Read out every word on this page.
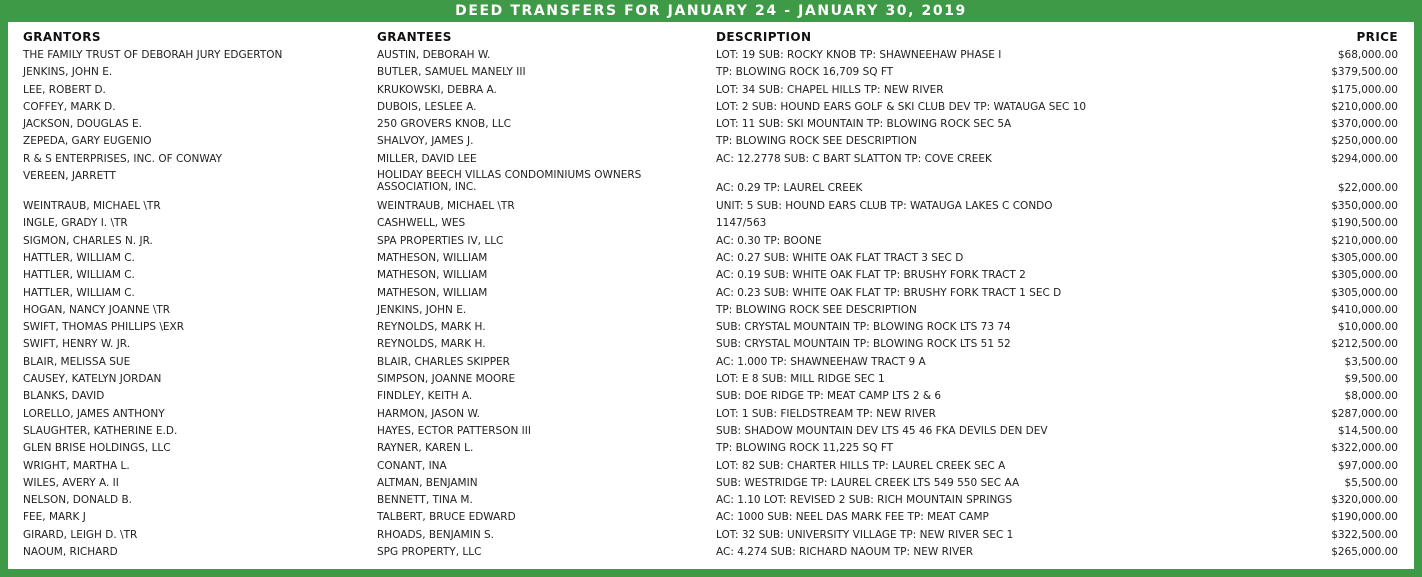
DEED TRANSFERS FOR JANUARY 24 - JANUARY 30, 2019
GRANTORS	GRANTEES	DESCRIPTION	PRICE
THE FAMILY TRUST OF DEBORAH JURY EDGERTON	AUSTIN, DEBORAH W.	LOT: 19 SUB: ROCKY KNOB TP: SHAWNEEHAW PHASE I	$68,000.00
JENKINS, JOHN E.	BUTLER, SAMUEL MANELY III	TP: BLOWING ROCK 16,709 SQ FT	$379,500.00
LEE, ROBERT D.	KRUKOWSKI, DEBRA A.	LOT: 34 SUB: CHAPEL HILLS TP: NEW RIVER	$175,000.00
COFFEY, MARK D.	DUBOIS, LESLEE A.	LOT: 2 SUB: HOUND EARS GOLF & SKI CLUB DEV TP: WATAUGA SEC 10	$210,000.00
JACKSON, DOUGLAS E.	250 GROVERS KNOB, LLC	LOT: 11 SUB: SKI MOUNTAIN TP: BLOWING ROCK SEC 5A	$370,000.00
ZEPEDA, GARY EUGENIO	SHALVOY, JAMES J.	TP: BLOWING ROCK SEE DESCRIPTION	$250,000.00
R & S ENTERPRISES, INC. OF CONWAY	MILLER, DAVID LEE	AC: 12.2778 SUB: C BART SLATTON TP: COVE CREEK	$294,000.00
VEREEN, JARRETT	HOLIDAY BEECH VILLAS CONDOMINIUMS OWNERS ASSOCIATION, INC.	AC: 0.29 TP: LAUREL CREEK	$22,000.00
WEINTRAUB, MICHAEL \TR	WEINTRAUB, MICHAEL \TR	UNIT: 5 SUB: HOUND EARS CLUB TP: WATAUGA LAKES C CONDO	$350,000.00
INGLE, GRADY I. \TR	CASHWELL, WES	1147/563	$190,500.00
SIGMON, CHARLES N. JR.	SPA PROPERTIES IV, LLC	AC: 0.30 TP: BOONE	$210,000.00
HATTLER, WILLIAM C.	MATHESON, WILLIAM	AC: 0.27 SUB: WHITE OAK FLAT TRACT 3 SEC D	$305,000.00
HATTLER, WILLIAM C.	MATHESON, WILLIAM	AC: 0.19 SUB: WHITE OAK FLAT TP: BRUSHY FORK TRACT 2	$305,000.00
HATTLER, WILLIAM C.	MATHESON, WILLIAM	AC: 0.23 SUB: WHITE OAK FLAT TP: BRUSHY FORK TRACT 1 SEC D	$305,000.00
HOGAN, NANCY JOANNE \TR	JENKINS, JOHN E.	TP: BLOWING ROCK SEE DESCRIPTION	$410,000.00
SWIFT, THOMAS PHILLIPS \EXR	REYNOLDS, MARK H.	SUB: CRYSTAL MOUNTAIN TP: BLOWING ROCK LTS 73 74	$10,000.00
SWIFT, HENRY W. JR.	REYNOLDS, MARK H.	SUB: CRYSTAL MOUNTAIN TP: BLOWING ROCK LTS 51 52	$212,500.00
BLAIR, MELISSA SUE	BLAIR, CHARLES SKIPPER	AC: 1.000 TP: SHAWNEEHAW TRACT 9 A	$3,500.00
CAUSEY, KATELYN JORDAN	SIMPSON, JOANNE MOORE	LOT: E 8 SUB: MILL RIDGE SEC 1	$9,500.00
BLANKS, DAVID	FINDLEY, KEITH A.	SUB: DOE RIDGE TP: MEAT CAMP LTS 2 & 6	$8,000.00
LORELLO, JAMES ANTHONY	HARMON, JASON W.	LOT: 1 SUB: FIELDSTREAM TP: NEW RIVER	$287,000.00
SLAUGHTER, KATHERINE E.D.	HAYES, ECTOR PATTERSON III	SUB: SHADOW MOUNTAIN DEV LTS 45 46 FKA DEVILS DEN DEV	$14,500.00
GLEN BRISE HOLDINGS, LLC	RAYNER, KAREN L.	TP: BLOWING ROCK 11,225 SQ FT	$322,000.00
WRIGHT, MARTHA L.	CONANT, INA	LOT: 82 SUB: CHARTER HILLS TP: LAUREL CREEK SEC A	$97,000.00
WILES, AVERY A. II	ALTMAN, BENJAMIN	SUB: WESTRIDGE TP: LAUREL CREEK LTS 549 550 SEC AA	$5,500.00
NELSON, DONALD B.	BENNETT, TINA M.	AC: 1.10 LOT: REVISED 2 SUB: RICH MOUNTAIN SPRINGS	$320,000.00
FEE, MARK J	TALBERT, BRUCE EDWARD	AC: 1000 SUB: NEEL DAS MARK FEE TP: MEAT CAMP	$190,000.00
GIRARD, LEIGH D. \TR	RHOADS, BENJAMIN S.	LOT: 32 SUB: UNIVERSITY VILLAGE TP: NEW RIVER SEC 1	$322,500.00
NAOUM, RICHARD	SPG PROPERTY, LLC	AC: 4.274 SUB: RICHARD NAOUM TP: NEW RIVER	$265,000.00
